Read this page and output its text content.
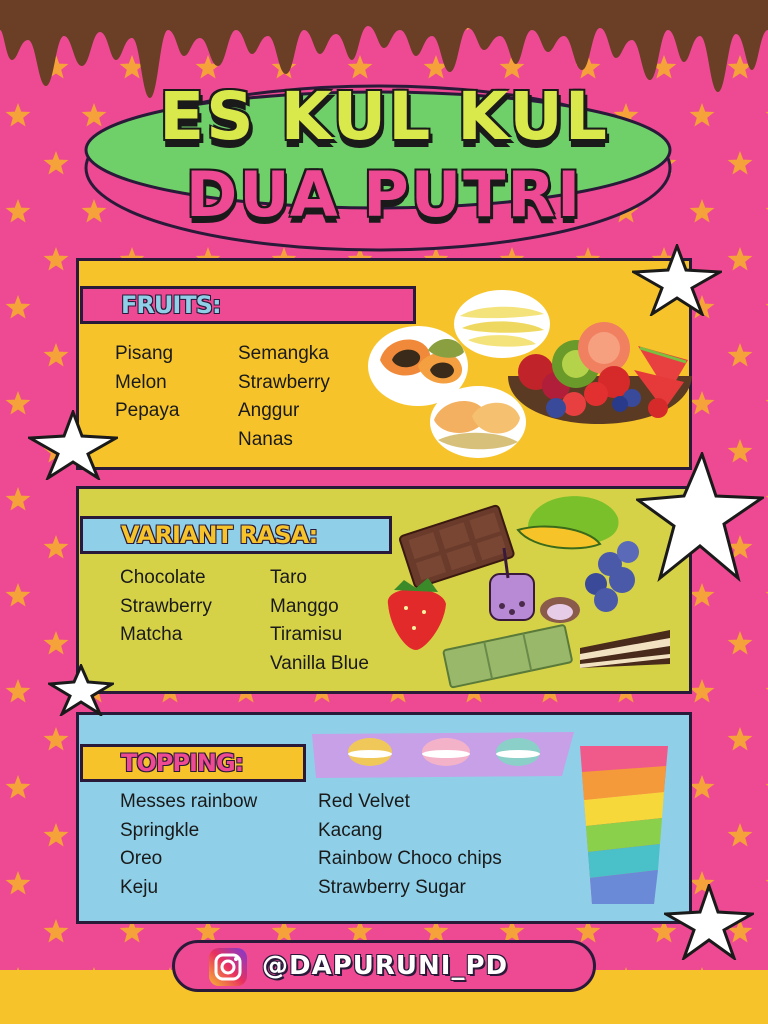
ES KUL KUL
DUA PUTRI
FRUITS:
Pisang
Melon
Pepaya
Semangka
Strawberry
Anggur
Nanas
VARIANT RASA:
Chocolate
Strawberry
Matcha
Taro
Manggo
Tiramisu
Vanilla Blue
TOPPING:
Messes rainbow
Springkle
Oreo
Keju
Red Velvet
Kacang
Rainbow Choco chips
Strawberry Sugar
@DAPURUNI_PD
